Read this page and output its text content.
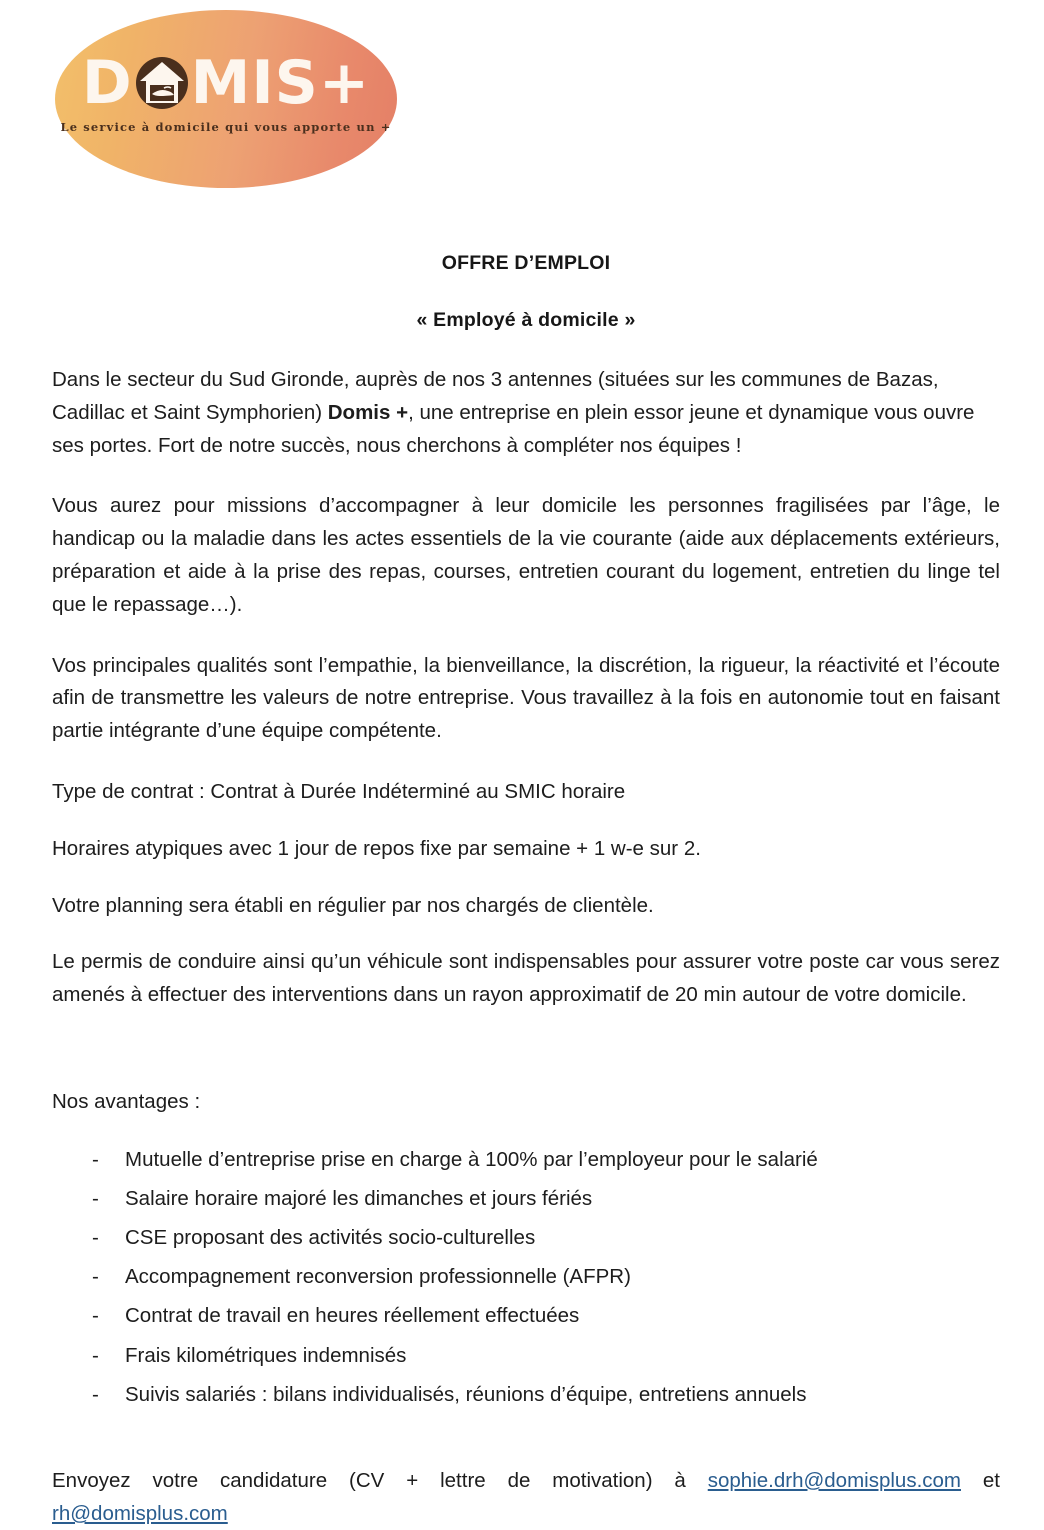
D MIS+
Le service à domicile qui vous apporte un +
OFFRE D’EMPLOI
« Employé à domicile »

Dans le secteur du Sud Gironde, auprès de nos 3 antennes (situées sur les communes de Bazas, Cadillac et Saint Symphorien) Domis +, une entreprise en plein essor jeune et dynamique vous ouvre ses portes. Fort de notre succès, nous cherchons à compléter nos équipes !

Vous aurez pour missions d’accompagner à leur domicile les personnes fragilisées par l’âge, le handicap ou la maladie dans les actes essentiels de la vie courante (aide aux déplacements extérieurs, préparation et aide à la prise des repas, courses, entretien courant du logement, entretien du linge tel que le repassage…).

Vos principales qualités sont l’empathie, la bienveillance, la discrétion, la rigueur, la réactivité et l’écoute afin de transmettre les valeurs de notre entreprise. Vous travaillez à la fois en autonomie tout en faisant partie intégrante d’une équipe compétente.

Type de contrat : Contrat à Durée Indéterminé au SMIC horaire

Horaires atypiques avec 1 jour de repos fixe par semaine + 1 w-e sur 2.

Votre planning sera établi en régulier par nos chargés de clientèle.

Le permis de conduire ainsi qu’un véhicule sont indispensables pour assurer votre poste car vous serez amenés à effectuer des interventions dans un rayon approximatif de 20 min autour de votre domicile.

Nos avantages :
- Mutuelle d’entreprise prise en charge à 100% par l’employeur pour le salarié
- Salaire horaire majoré les dimanches et jours fériés
- CSE proposant des activités socio-culturelles
- Accompagnement reconversion professionnelle (AFPR)
- Contrat de travail en heures réellement effectuées
- Frais kilométriques indemnisés
- Suivis salariés : bilans individualisés, réunions d’équipe, entretiens annuels

Envoyez votre candidature (CV + lettre de motivation) à sophie.drh@domisplus.com et rh@domisplus.com
